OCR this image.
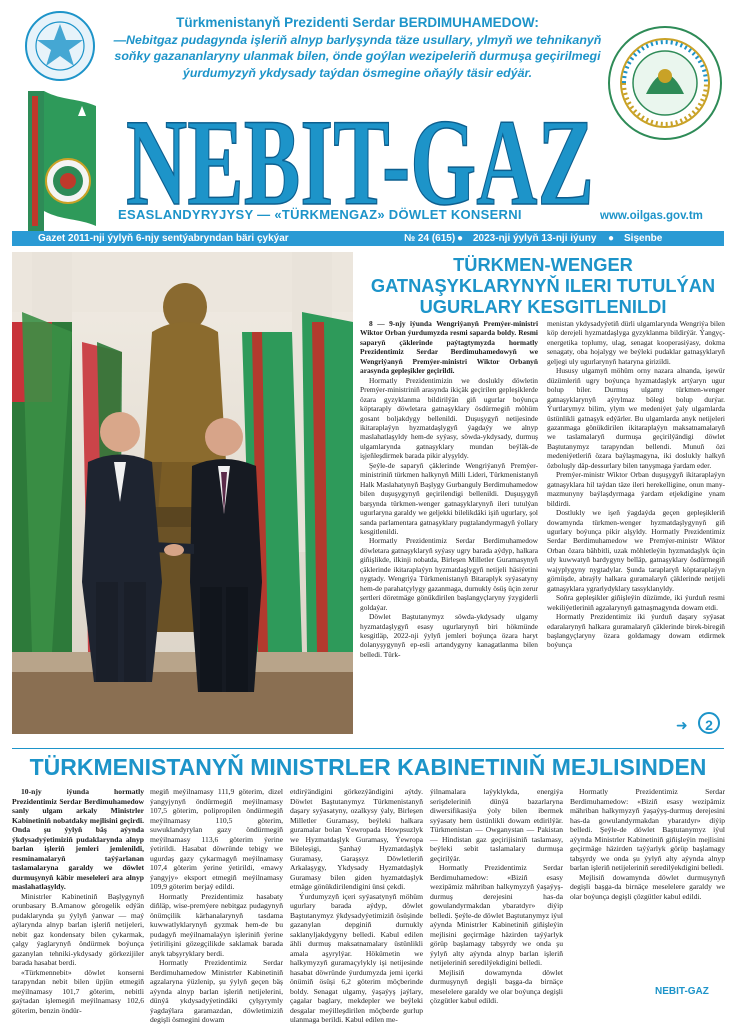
Türkmenistanyň Prezidenti Serdar BERDIMUHAMEDOW:
—Nebitgaz pudagynda işleriň alnyp barlyşynda täze usullary, ylmyň we tehnikanyň soňky gazananlaryny ulanmak bilen, önde goýlan wezipeleriň durmuşa geçirilmegi ýurdumyzyň ykdysady taýdan ösmegine oňaýly täsir edýär.
NEBIT-GAZ
ESASLANDYRYJYSY — «TÜRKMENGAZ» DÖWLET KONSERNI	www.oilgas.gov.tm
Gazet 2011-nji ýylyň 6-njy sentýabryndan bäri çykýar	№ 24 (615) ● 2023-nji ýylyň 13-nji iýuny ● Sişenbe
TÜRKMEN-WENGER GATNAŞYKLARYNYŇ ILERI TUTULÝAN UGURLARY KESGITLENILDI

8 — 9-njy iýunda Wengriýanyň Premýer-ministri Wiktor Orban ýurdumyzda resmi saparda boldy. Resmi saparyň çäklerinde paýtagtymyzda hormatly Prezidentimiz Serdar Berdimuhamedowyň we Wengriýanyň Premýer-ministri Wiktor Orbanyň arasynda gepleşikler geçirildi.

Hormatly Prezidentimizin we doslukly döwletin Premýer-ministriniň arasynda ikiçäk geçirilen gepleşiklerde özara gyzyklanma bildirilýän giň ugurlar boýunça köptaraply döwletara gatnaşyklary ösdürmegiň möhüm gosant boljakdygy bellenildi. Duşuşygyň netijesinde ikitaraplaýyn hyzmatdaşlygyň ýagdaýy we alnyp maslahatlaşyldy hem-de syýasy, söwda-ykdysady, durmuş ulgamlarynda gatnaşyklary mundan beýläk-de işjeňleşdirmek barada pikir alyşyldy.

Şeýle-de saparyň çäklerinde Wengriýanyň Premýer-ministriniň türkmen halkynyň Milli Lideri, Türkmenistanyň Halk Maslahatynyň Başlygy Gurbanguly Berdimuhamedow bilen duşuşygynyň geçirilendigi bellenildi. Duşuşygyň barşynda türkmen-wenger gatnaşyklarynyň ileri tutulýan ugurlaryna garaldy we geljekki bilelikdäki işiň ugurlary, şol sanda parlamentara gatnaşyklary pugtalandyrmagyň ýollary kesgitlenildi.

Hormatly Prezidentimiz Serdar Berdimuhamedow döwletara gatnaşyklaryň syýasy ugry barada aýdyp, halkara giňişlikde, ilkinji nobatda, Birleşen Milletler Guramasynyň çäklerinde ikitaraplaýyn hyzmatdaşlygyň netijeli häsiýetini nygtady. Wengriýa Türkmenistanyň Bitaraplyk syýasatyny hem-de parahatçylygy gazanmaga, durnukly ösüş üçin zerur şertleri döretmäge gönükdirilen başlangyçlaryny ýzygiderli goldaýar.

Döwlet Baştutanymyz söwda-ykdysady ulgamy hyzmatdaşlygyň esasy ugurlarynyň biri hökmünde kesgitläp, 2022-nji ýylyň jemleri boýunça özara haryt dolanyşygynyň ep-esli artandygyny kanagatlanma bilen belledi. Türk-

menistan ykdysadyýetiň dürli ulgamlarynda Wengriýa bilen köp derejeli hyzmatdaşlyga gyzyklanma bildirýär. Ýangyç-energetika toplumy, ulag, senagat kooperasiýasy, dokma senagaty, oba hojalygy we beýleki pudaklar gatnaşyklaryň geljegi uly ugurlarynyň hataryna girizildi.

Hususy ulgamyň möhüm orny nazara alnanda, işewür düzümleriň ugry boýunça hyzmatdaşlyk artýaryn ugur bolup biler. Durmuş ulgamy türkmen-wenger gatnaşyklarynyň aýrylmaz bölegi bolup durýar. Ýurtlarymyz bilim, ylym we medeniýet ýaly ulgamlarda üstünlikli gatnaşyk edýärler. Bu ulgamlarda anyk netijeleri gazanmaga gönükdirilen ikitaraplaýyn maksatnamalaryň we taslamalaryň durmuşa geçirilýändigi döwlet Baştutanymyz tarapyndan bellendi. Munuň özi medeniýetleriň özara baýlaşmagyna, iki doslukly halkyň özboluşly däp-dessurlary bilen tanyşmaga ýardam eder.

Premýer-ministr Wiktor Orban duşuşygyň ikitaraplaýyn gatnaşyklara hil taýdan täze ileri herekelligine, onun many-mazmunyny baýlaşdyrmaga ýardam etjekdigine ynam bildirdi.

Dostlukly we işeň ýagdaýda geçen gepleşikleriň dowamynda türkmen-wenger hyzmatdaşlygynyň giň ugurlary boýunça pikir alşyldy. Hormatly Prezidentimiz Serdar Berdimuhamedow we Premýer-ministr Wiktor Orban özara bähbitli, uzak möhletleýin hyzmatdaşlyk üçin uly kuwwatyň bardygyny belläp, gatnaşyklary ösdürmegiň wajyplygyny nygtadylar. Şunda taraplaryň köptaraplaýyn görnüşde, abraýly halkara guramalaryň çäklerinde netijeli gatnaşyklara ygrarlydyklary tassyklanyldy.

Soňra gepleşikler giňişleýin düzümde, iki ýurduň resmi wekiliýetleriniň agzalarynyň gatnaşmagynda dowam etdi.

Hormatly Prezidentimiz iki ýurduň daşary syýasat edaralarynyň halkara guramalaryň çäklerinde birek-biregiň başlangyçlaryny özara goldamagy dowam etdirmek boýunça

➜	2
TÜRKMENISTANYŇ MINISTRLER KABINETINIŇ MEJLISINDEN

10-njy iýunda hormatly Prezidentimiz Serdar Berdimuhamedow sanly ulgam arkaly Ministrler Kabinetiniň nobatdaky mejlisini geçirdi. Onda şu ýylyň bäş aýynda ýkdysadyýetimiziň pudaklarynda alnyp barlan işleriň jemleri jemlenildi, resminamalaryň taýýarlanan taslamalaryna garaldy we döwlet durmuşynyň käbir meseleleri ara alnyp maslahatlaşyldy.

Ministrler Kabinetiniň Başlygynyň orunbasary B.Amanow görogelik edýän pudaklarynda şu ýylyň ýanwar — maý aýlarynda alnyp barlan işleriň netijeleri, nebit gaz kondensaty bilen çykarmak, çalgy ýaglarynyň öndürmek boýunça gazanylan tehniki-ykdysady görkezijiler barada hasabat berdi.

«Türkmennebit» döwlet konserni tarapyndan nebit bilen üpjün etmegiň meýilnamasy 101,7 göterim, nebitli gaýtadan işlemegiň meýilnamasy 102,6 göterim, benzin öndür-

megiň meýilnamasy 111,9 göterim, dizel ýangyjynyň öndürmegiň meýilnamasy 107,5 göterim, polipropilen öndürmegiň meýilnamasy 110,5 göterim, suwuklandyrylan gazy öndürmegiň meýilnamasy 113,6 göterim ýerine ýetirildi. Hasabat döwründe tebigy we ugurdaş gazy çykarmagyň meýilnamasy 107,4 göterim ýerine ýetirildi, «mawy ýangyjy» eksport etmegiň meýilnamasy 109,9 göterim berjaý edildi.

Hormatly Prezidentimiz hasabaty diňläp, wise-premýere nebitgaz pudagynyň önümçilik kärhanalarynyň tasdama kuwwatlyklarynyň gyzmak hem-de bu pudagyň meýilnamalaýyn işleriniň ýerine ýetirilişini gözegçilikde saklamak barada anyk tabşyryklary berdi.

Hormatly Prezidentimiz Serdar Berdimuhamedow Ministrler Kabinetiniň agzalaryna ýüzlenip, şu ýylyň geçen bäş aýynda alnyp barlan işleriň netijelerini, dünýä ykdysadyýetindäki çylşyrymly ýagdaýlara garamazdan, döwletimiziň degişli ösmegini dowam

etdirýändigini görkezýändigini aýtdy. Döwlet Baştutanymyz Türkmenistanyň daşary syýasatyny, ozalkysy ýaly, Birleşen Milletler Guramasy, beýleki halkara guramalar bolan Ýewropada Howpsuzlyk we Hyzmatdaşlyk Guramasy, Ýewropa Bileleşigi, Şanhaý Hyzmatdaşlyk Guramasy, Garaşsyz Döwletleriň Arkalaşygy, Ykdysady Hyzmatdaşlyk Guramasy bilen giden hyzmatdaşlyk etmäge gönükdirilendigini ünsi çekdi.

Ýurdumyzyň içeri syýasatynyň möhüm ugurlary barada aýdyp, döwlet Baştutanymyz ýkdysadyýetimiziň ösüşinde gazanylan depginiň durnukly saklanyljakdygyny belledi. Kabul edilen ähli durmuş maksatnamalary üstünlikli amala aşyrylýar. Hökümetin we halkymyzyň guramaçylykly işi netijesinde hasabat döwründe ýurdumyzda jemi içerki önümiň ösüşi 6,2 göterim möçberinde boldy. Senagat ulgamy, ýaşaýyş jaýlary, çagalar baglary, mekdepler we beýleki desgalar meýilleşdirilen möçberde gurlup ulanmaga berildi. Kabul edilen me-

ýilnamalara laýyklykda, energiýa serişdeleriniň dünýä bazarlaryna diwersifikasiýa ýoly bilen ibermek syýasaty hem üstünlikli dowam etdirilýär. Türkmenistan — Owganystan — Pakistan — Hindistan gaz geçirijisiniň taslamasy, beýleki sebit taslamalary durmuşa geçirilýär.

Hormatly Prezidentimiz Serdar Berdimuhamedow: «Biziň esasy wezipämiz mähriban halkymyzyň ýaşaýyş-durmuş derejesini has-da gowulandyrmakdan ybaratdyr» diýip belledi. Şeýle-de döwlet Baştutanymyz iýul aýynda Ministrler Kabinetiniň giňişleýin mejlisini geçirmäge häzirden taýýarlyk görüp başlamagy tabşyrdy we onda şu ýylyň alty aýynda alnyp barlan işleriň netijeleriniň seredilýekdigini belledi.

Mejlisiň dowamynda döwlet durmuşynyň degişli başga-da birnäçe meselelere garaldy we olar boýunça degişli çözgütler kabul edildi.

Hormatly Prezidentimiz Serdar Berdimuhamedow: «Biziň esasy wezipämiz mähriban halkymyzyň ýaşaýyş-durmuş derejesini has-da gowulandyrmakdan ybaratdyr» diýip belledi. Şeýle-de döwlet Baştutanymyz iýul aýynda Ministrler Kabinetiniň giňişleýin mejlisini geçirmäge häzirden taýýarlyk görüp başlamagy tabşyrdy we onda şu ýylyň alty aýynda alnyp barlan işleriň netijeleriniň seredilýekdigini belledi.

Mejlisiň dowamynda döwlet durmuşynyň degişli başga-da birnäçe meselelere garaldy we olar boýunça degişli çözgütler kabul edildi.

NEBIT-GAZ
